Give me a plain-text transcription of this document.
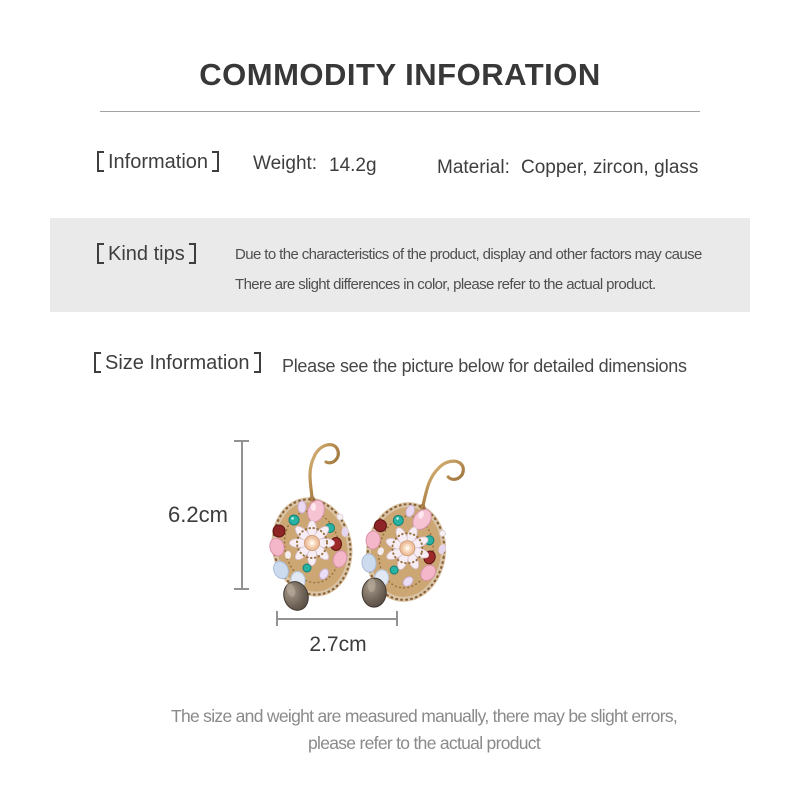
COMMODITY INFORATION
Information	Weight: 14.2g	Material: Copper, zircon, glass
Kind tips	Due to the characteristics of the product, display and other factors may cause
There are slight differences in color, please refer to the actual product.
Size Information	Please see the picture below for detailed dimensions
6.2cm
2.7cm
The size and weight are measured manually, there may be slight errors,
please refer to the actual product
